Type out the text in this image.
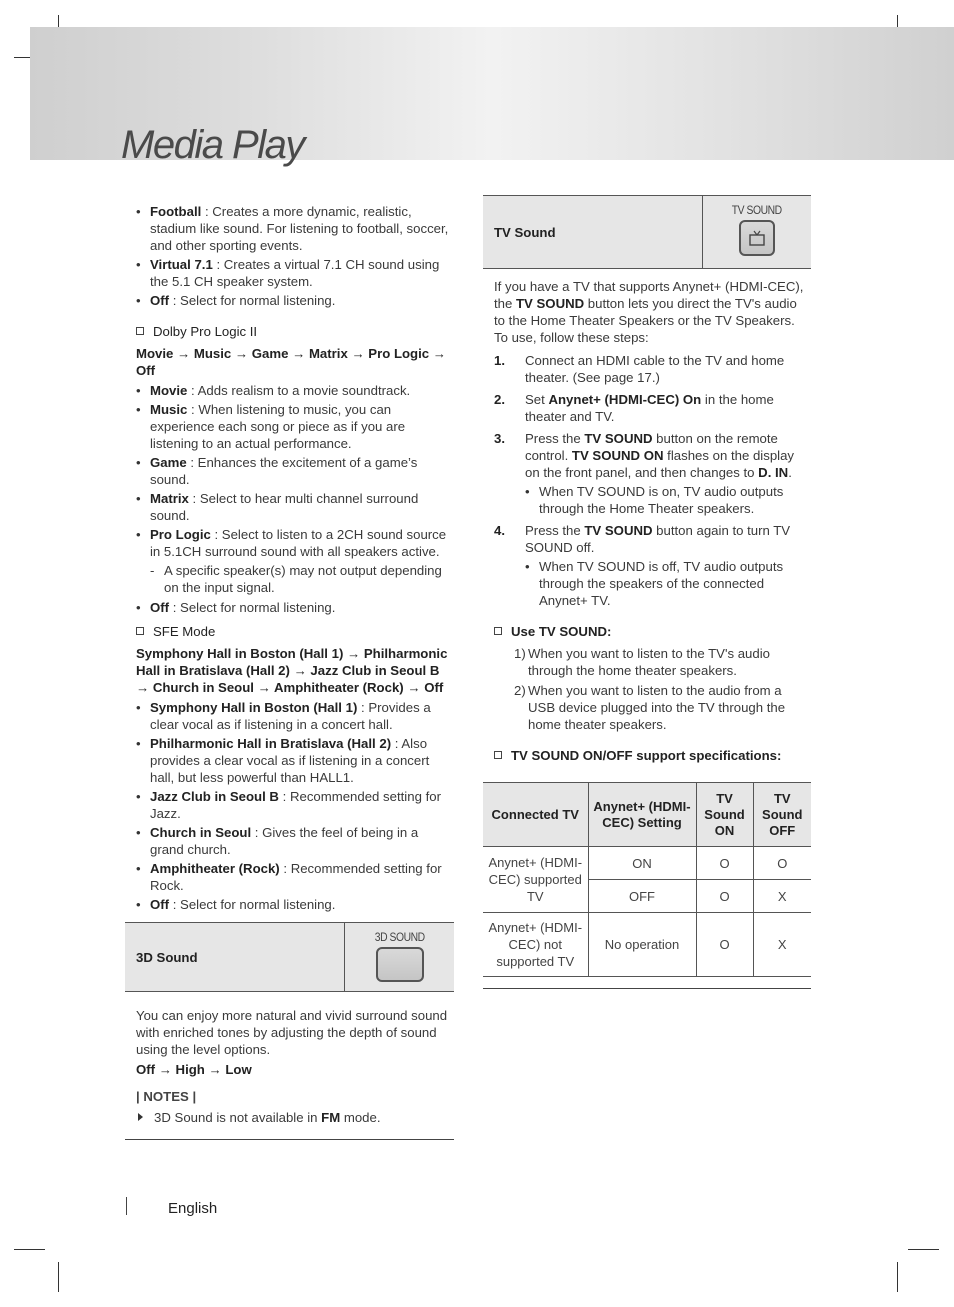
Media Play
• Football : Creates a more dynamic, realistic, stadium like sound. For listening to football, soccer, and other sporting events.
• Virtual 7.1 : Creates a virtual 7.1 CH sound using the 5.1 CH speaker system.
• Off : Select for normal listening.
Dolby Pro Logic II
Movie → Music → Game → Matrix → Pro Logic → Off
• Movie : Adds realism to a movie soundtrack.
• Music : When listening to music, you can experience each song or piece as if you are listening to an actual performance.
• Game : Enhances the excitement of a game’s sound.
• Matrix : Select to hear multi channel surround sound.
• Pro Logic : Select to listen to a 2CH sound source in 5.1CH surround sound with all speakers active.
- A specific speaker(s) may not output depending on the input signal.
• Off : Select for normal listening.
SFE Mode
Symphony Hall in Boston (Hall 1) → Philharmonic Hall in Bratislava (Hall 2) → Jazz Club in Seoul B → Church in Seoul → Amphitheater (Rock) → Off
• Symphony Hall in Boston (Hall 1) : Provides a clear vocal as if listening in a concert hall.
• Philharmonic Hall in Bratislava (Hall 2) : Also provides a clear vocal as if listening in a concert hall, but less powerful than HALL1.
• Jazz Club in Seoul B : Recommended setting for Jazz.
• Church in Seoul : Gives the feel of being in a grand church.
• Amphitheater (Rock) : Recommended setting for Rock.
• Off : Select for normal listening.
3D Sound
3D SOUND
You can enjoy more natural and vivid surround sound with enriched tones by adjusting the depth of sound using the level options.
Off → High → Low
| NOTES |
3D Sound is not available in FM mode.
TV Sound
TV SOUND
If you have a TV that supports Anynet+ (HDMI-CEC), the TV SOUND button lets you direct the TV's audio to the Home Theater Speakers or the TV Speakers. To use, follow these steps:
1. Connect an HDMI cable to the TV and home theater. (See page 17.)
2. Set Anynet+ (HDMI-CEC) On in the home theater and TV.
3. Press the TV SOUND button on the remote control. TV SOUND ON flashes on the display on the front panel, and then changes to D. IN.
• When TV SOUND is on, TV audio outputs through the Home Theater speakers.
4. Press the TV SOUND button again to turn TV SOUND off.
• When TV SOUND is off, TV audio outputs through the speakers of the connected Anynet+ TV.
Use TV SOUND:
1) When you want to listen to the TV's audio through the home theater speakers.
2) When you want to listen to the audio from a USB device plugged into the TV through the home theater speakers.
TV SOUND ON/OFF support specifications:
Connected TV	Anynet+ (HDMI-CEC) Setting	TV Sound ON	TV Sound OFF
Anynet+ (HDMI-CEC) supported TV	ON	O	O
	OFF	O	X
Anynet+ (HDMI-CEC) not supported TV	No operation	O	X
English
